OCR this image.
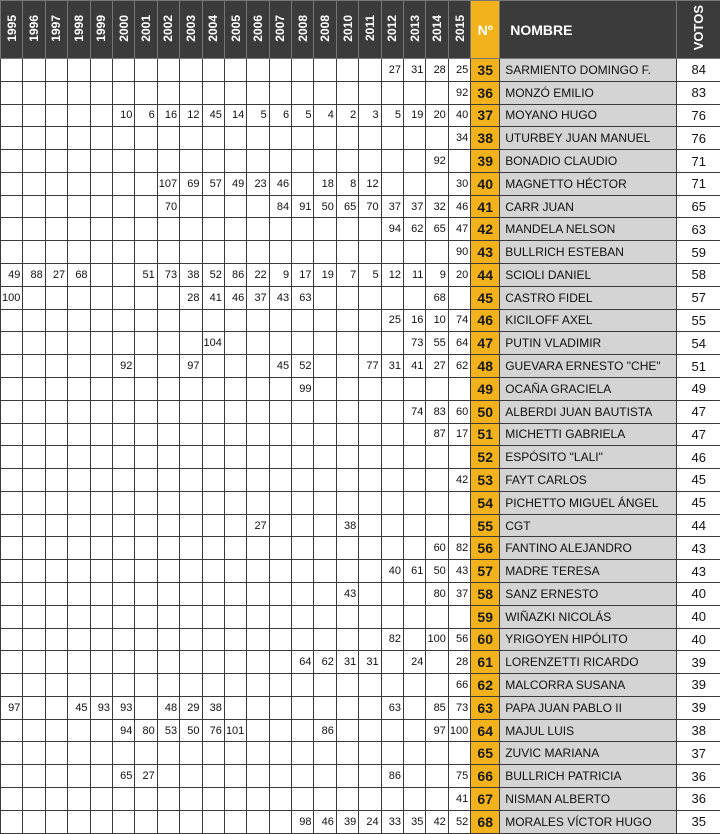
1995	1996	1997	1998	1999	2000	2001	2002	2003	2004	2005	2006	2007	2008	2008	2010	2011	2012	2013	2014	2015	Nº	NOMBRE	VOTOS
																	27	31	28	25	35	SARMIENTO DOMINGO F.	84
																				92	36	MONZÓ EMILIO	83
					10	6	16	12	45	14	5	6	5	4	2	3	5	19	20	40	37	MOYANO HUGO	76
																				34	38	UTURBEY JUAN MANUEL	76
																			92		39	BONADIO CLAUDIO	71
							107	69	57	49	23	46		18	8	12				30	40	MAGNETTO HÉCTOR	71
							70					84	91	50	65	70	37	37	32	46	41	CARR JUAN	65
																	94	62	65	47	42	MANDELA NELSON	63
																				90	43	BULLRICH ESTEBAN	59
49	88	27	68			51	73	38	52	86	22	9	17	19	7	5	12	11	9	20	44	SCIOLI DANIEL	58
100								28	41	46	37	43	63						68		45	CASTRO FIDEL	57
																	25	16	10	74	46	KICILOFF AXEL	55
									104									73	55	64	47	PUTIN VLADIMIR	54
					92			97				45	52			77	31	41	27	62	48	GUEVARA ERNESTO "CHE"	51
													99								49	OCAÑA GRACIELA	49
																		74	83	60	50	ALBERDI JUAN BAUTISTA	47
																			87	17	51	MICHETTI GABRIELA	47
																					52	ESPÓSITO "LALI"	46
																				42	53	FAYT CARLOS	45
																					54	PICHETTO MIGUEL ÁNGEL	45
											27				38						55	CGT	44
																			60	82	56	FANTINO ALEJANDRO	43
																	40	61	50	43	57	MADRE TERESA	43
															43				80	37	58	SANZ ERNESTO	40
																					59	WIÑAZKI NICOLÁS	40
																	82		100	56	60	YRIGOYEN HIPÓLITO	40
													64	62	31	31		24		28	61	LORENZETTI RICARDO	39
																				66	62	MALCORRA SUSANA	39
97			45	93	93		48	29	38								63		85	73	63	PAPA JUAN PABLO II	39
					94	80	53	50	76	101				86					97	100	64	MAJUL LUIS	38
																					65	ZUVIC MARIANA	37
					65	27											86			75	66	BULLRICH PATRICIA	36
																				41	67	NISMAN ALBERTO	36
													98	46	39	24	33	35	42	52	68	MORALES VÍCTOR HUGO	35
